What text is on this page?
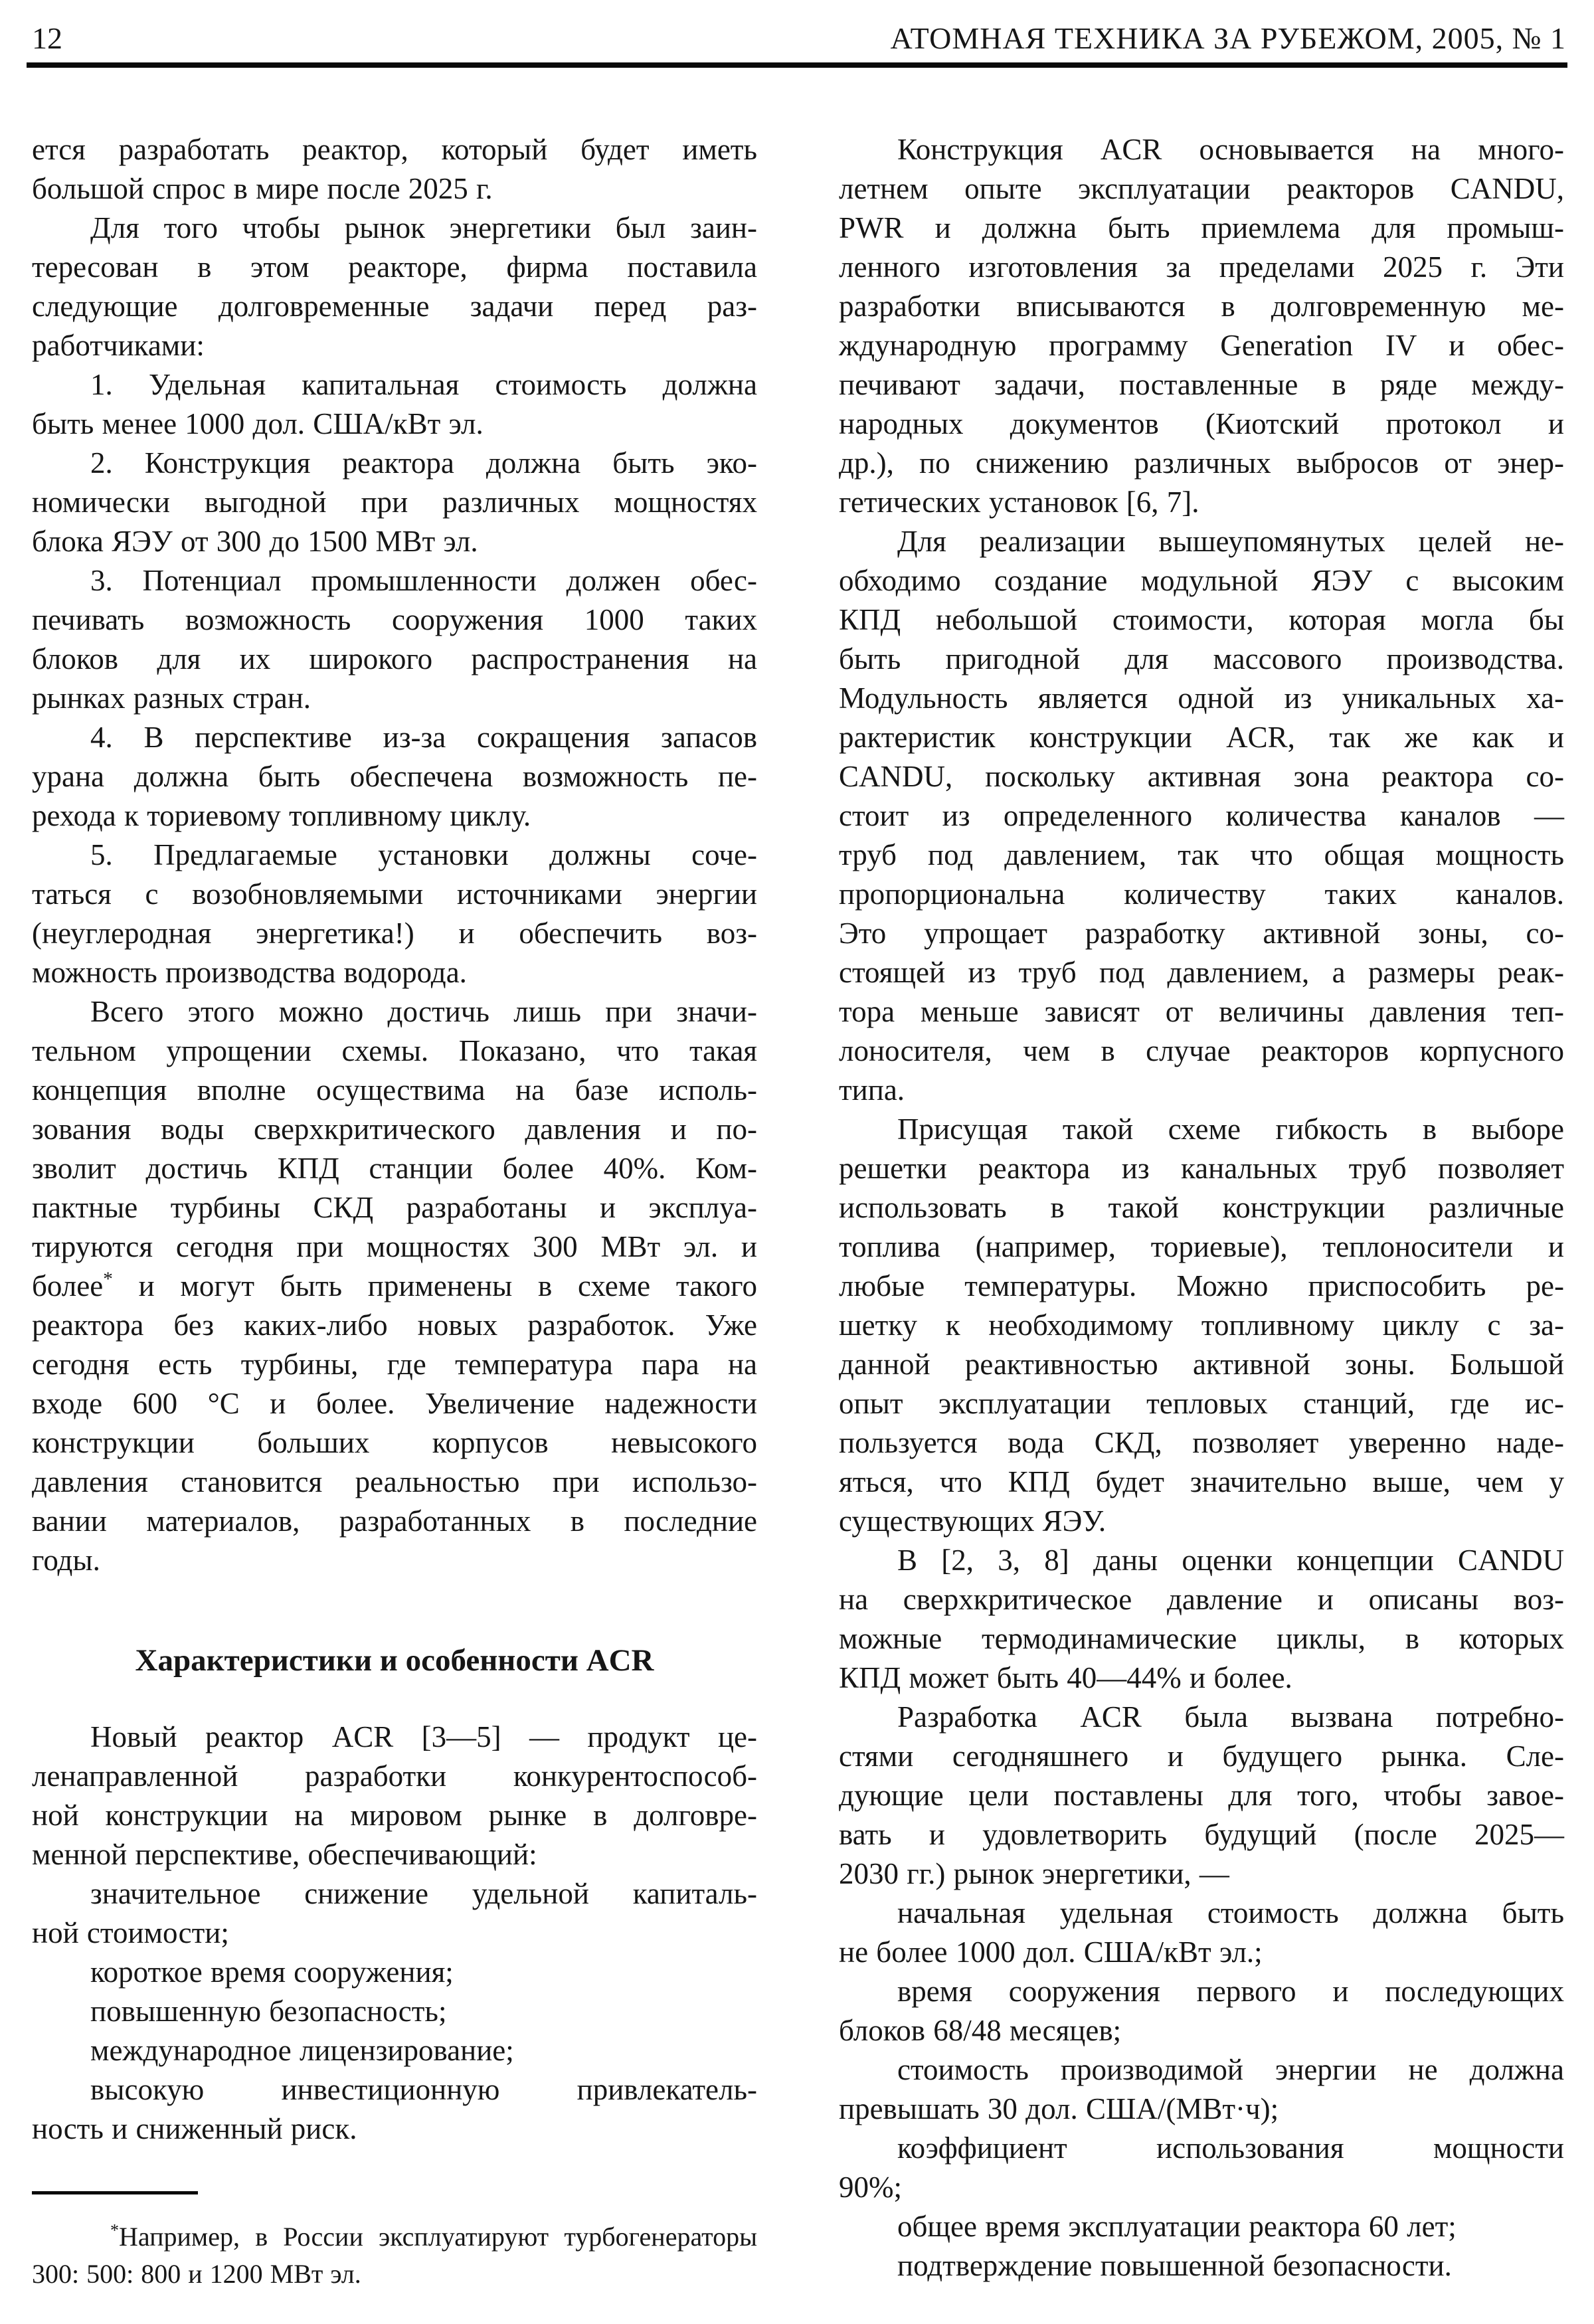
12	АТОМНАЯ ТЕХНИКА ЗА РУБЕЖОМ, 2005, № 1
ется разработать реактор, который будет иметь
большой спрос в мире после 2025 г.
Для того чтобы рынок энергетики был заин-
тересован в этом реакторе, фирма поставила
следующие долговременные задачи перед раз-
работчиками:
1. Удельная капитальная стоимость должна
быть менее 1000 дол. США/кВт эл.
2. Конструкция реактора должна быть эко-
номически выгодной при различных мощностях
блока ЯЭУ от 300 до 1500 МВт эл.
3. Потенциал промышленности должен обес-
печивать возможность сооружения 1000 таких
блоков для их широкого распространения на
рынках разных стран.
4. В перспективе из-за сокращения запасов
урана должна быть обеспечена возможность пе-
рехода к ториевому топливному циклу.
5. Предлагаемые установки должны соче-
таться с возобновляемыми источниками энергии
(неуглеродная энергетика!) и обеспечить воз-
можность производства водорода.
Всего этого можно достичь лишь при значи-
тельном упрощении схемы. Показано, что такая
концепция вполне осуществима на базе исполь-
зования воды сверхкритического давления и по-
зволит достичь КПД станции более 40%. Ком-
пактные турбины СКД разработаны и эксплуа-
тируются сегодня при мощностях 300 МВт эл. и
более* и могут быть применены в схеме такого
реактора без каких-либо новых разработок. Уже
сегодня есть турбины, где температура пара на
входе 600 °С и более. Увеличение надежности
конструкции больших корпусов невысокого
давления становится реальностью при использо-
вании материалов, разработанных в последние
годы.
Характеристики и особенности ACR
Новый реактор ACR [3—5] — продукт це-
ленаправленной разработки конкурентоспособ-
ной конструкции на мировом рынке в долговре-
менной перспективе, обеспечивающий:
значительное снижение удельной капиталь-
ной стоимости;
короткое время сооружения;
повышенную безопасность;
международное лицензирование;
высокую инвестиционную привлекатель-
ность и сниженный риск.
*Например, в России эксплуатируют турбогенераторы
300: 500: 800 и 1200 МВт эл.
Конструкция ACR основывается на много-
летнем опыте эксплуатации реакторов CANDU,
PWR и должна быть приемлема для промыш-
ленного изготовления за пределами 2025 г. Эти
разработки вписываются в долговременную ме-
ждународную программу Generation IV и обес-
печивают задачи, поставленные в ряде между-
народных документов (Киотский протокол и
др.), по снижению различных выбросов от энер-
гетических установок [6, 7].
Для реализации вышеупомянутых целей не-
обходимо создание модульной ЯЭУ с высоким
КПД небольшой стоимости, которая могла бы
быть пригодной для массового производства.
Модульность является одной из уникальных ха-
рактеристик конструкции ACR, так же как и
CANDU, поскольку активная зона реактора со-
стоит из определенного количества каналов —
труб под давлением, так что общая мощность
пропорциональна количеству таких каналов.
Это упрощает разработку активной зоны, со-
стоящей из труб под давлением, а размеры реак-
тора меньше зависят от величины давления теп-
лоносителя, чем в случае реакторов корпусного
типа.
Присущая такой схеме гибкость в выборе
решетки реактора из канальных труб позволяет
использовать в такой конструкции различные
топлива (например, ториевые), теплоносители и
любые температуры. Можно приспособить ре-
шетку к необходимому топливному циклу с за-
данной реактивностью активной зоны. Большой
опыт эксплуатации тепловых станций, где ис-
пользуется вода СКД, позволяет уверенно наде-
яться, что КПД будет значительно выше, чем у
существующих ЯЭУ.
В [2, 3, 8] даны оценки концепции CANDU
на сверхкритическое давление и описаны воз-
можные термодинамические циклы, в которых
КПД может быть 40—44% и более.
Разработка ACR была вызвана потребно-
стями сегодняшнего и будущего рынка. Сле-
дующие цели поставлены для того, чтобы завое-
вать и удовлетворить будущий (после 2025—
2030 гг.) рынок энергетики, —
начальная удельная стоимость должна быть
не более 1000 дол. США/кВт эл.;
время сооружения первого и последующих
блоков 68/48 месяцев;
стоимость производимой энергии не должна
превышать 30 дол. США/(МВт·ч);
коэффициент использования мощности
90%;
общее время эксплуатации реактора 60 лет;
подтверждение повышенной безопасности.
